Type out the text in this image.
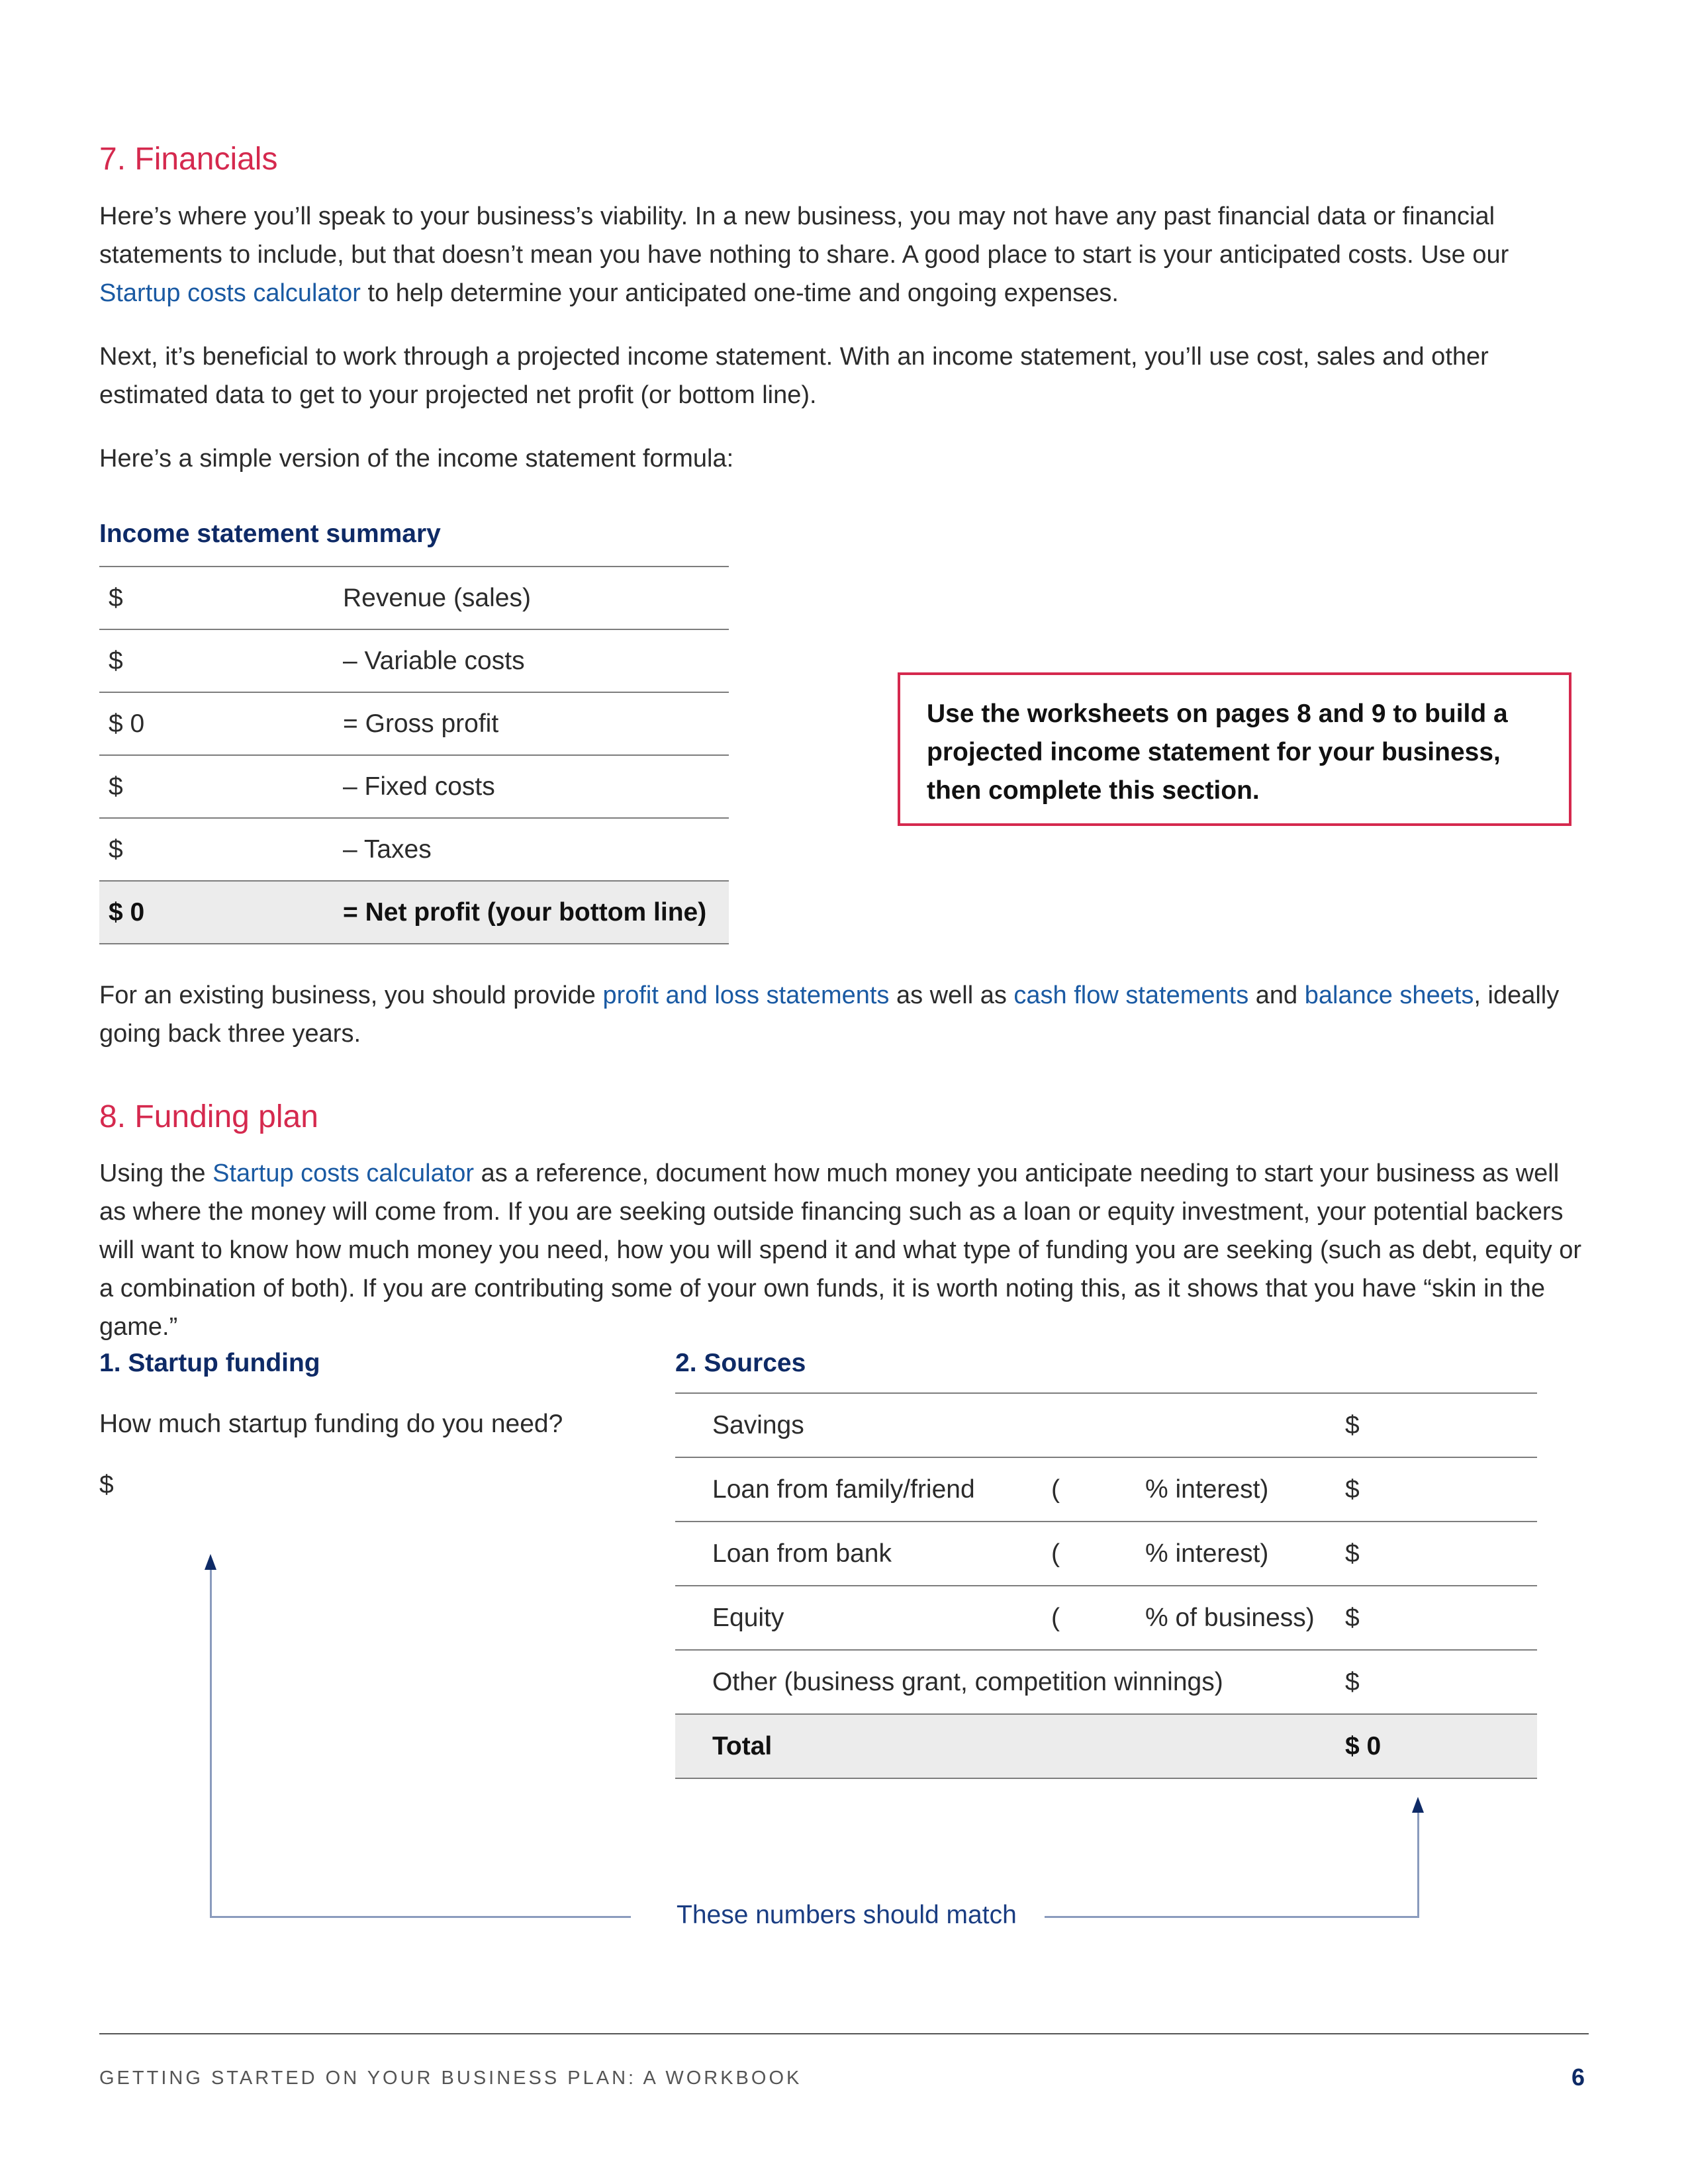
7. Financials

Here’s where you’ll speak to your business’s viability. In a new business, you may not have any past financial data or financial statements to include, but that doesn’t mean you have nothing to share. A good place to start is your anticipated costs. Use our Startup costs calculator to help determine your anticipated one-time and ongoing expenses.

Next, it’s beneficial to work through a projected income statement. With an income statement, you’ll use cost, sales and other estimated data to get to your projected net profit (or bottom line).

Here’s a simple version of the income statement formula:

Income statement summary
$	Revenue (sales)
$	– Variable costs
$ 0	= Gross profit
$	– Fixed costs
$	– Taxes
$ 0	= Net profit (your bottom line)
Use the worksheets on pages 8 and 9 to build a projected income statement for your business, then complete this section.

For an existing business, you should provide profit and loss statements as well as cash flow statements and balance sheets, ideally going back three years.

8. Funding plan

Using the Startup costs calculator as a reference, document how much money you anticipate needing to start your business as well as where the money will come from. If you are seeking outside financing such as a loan or equity investment, your potential backers will want to know how much money you need, how you will spend it and what type of funding you are seeking (such as debt, equity or a combination of both). If you are contributing some of your own funds, it is worth noting this, as it shows that you have “skin in the game.”

1. Startup funding
How much startup funding do you need?
$
2. Sources
Savings			$
Loan from family/friend	(	% interest)	$
Loan from bank	(	% interest)	$
Equity	(	% of business)	$
Other (business grant, competition winnings)			$
Total			$ 0
These numbers should match
GETTING STARTED ON YOUR BUSINESS PLAN: A WORKBOOK	6
